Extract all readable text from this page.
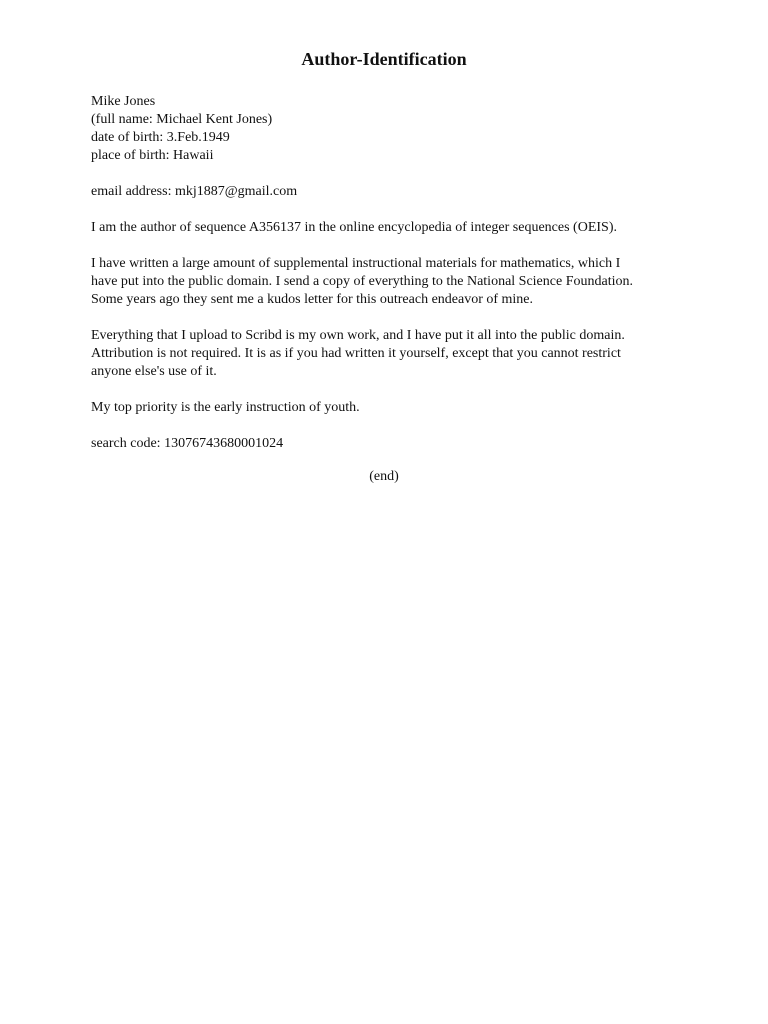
Author-Identification
Mike Jones
(full name: Michael Kent Jones)
date of birth: 3.Feb.1949
place of birth: Hawaii
email address: mkj1887@gmail.com
I am the author of sequence A356137 in the online encyclopedia of integer sequences (OEIS).
I have written a large amount of supplemental instructional materials for mathematics, which I
have put into the public domain. I send a copy of everything to the National Science Foundation.
Some years ago they sent me a kudos letter for this outreach endeavor of mine.
Everything that I upload to Scribd is my own work, and I have put it all into the public domain.
Attribution is not required. It is as if you had written it yourself, except that you cannot restrict
anyone else's use of it.
My top priority is the early instruction of youth.
search code: 13076743680001024
(end)
